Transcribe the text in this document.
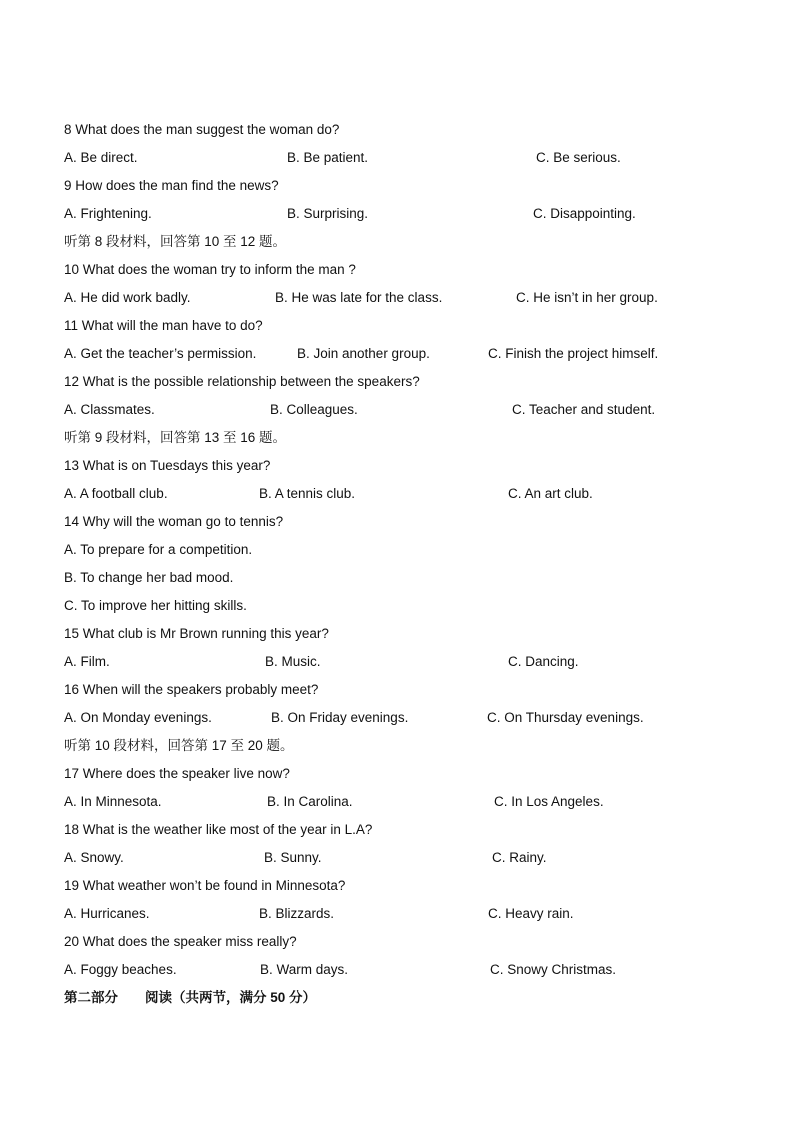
8 What does the man suggest the woman do?
A. Be direct.	B. Be patient.	C. Be serious.
9 How does the man find the news?
A. Frightening.	B. Surprising.	C. Disappointing.
听第 8 段材料，回答第 10 至 12 题。
10 What does the woman try to inform the man ?
A. He did work badly.	B. He was late for the class.	C. He isn’t in her group.
11 What will the man have to do?
A. Get the teacher’s permission.	B. Join another group.	C. Finish the project himself.
12 What is the possible relationship between the speakers?
A. Classmates.	B. Colleagues.	C. Teacher and student.
听第 9 段材料，回答第 13 至 16 题。
13 What is on Tuesdays this year?
A. A football club.	B. A tennis club.	C. An art club.
14 Why will the woman go to tennis?
A. To prepare for a competition.
B. To change her bad mood.
C. To improve her hitting skills.
15 What club is Mr Brown running this year?
A. Film.	B. Music.	C. Dancing.
16 When will the speakers probably meet?
A. On Monday evenings.	B. On Friday evenings.	C. On Thursday evenings.
听第 10 段材料，回答第 17 至 20 题。
17 Where does the speaker live now?
A. In Minnesota.	B. In Carolina.	C. In Los Angeles.
18 What is the weather like most of the year in L.A?
A. Snowy.	B. Sunny.	C. Rainy.
19 What weather won’t be found in Minnesota?
A. Hurricanes.	B. Blizzards.	C. Heavy rain.
20 What does the speaker miss really?
A. Foggy beaches.	B. Warm days.	C. Snowy Christmas.
第二部分　　阅读（共两节，满分 50 分）
